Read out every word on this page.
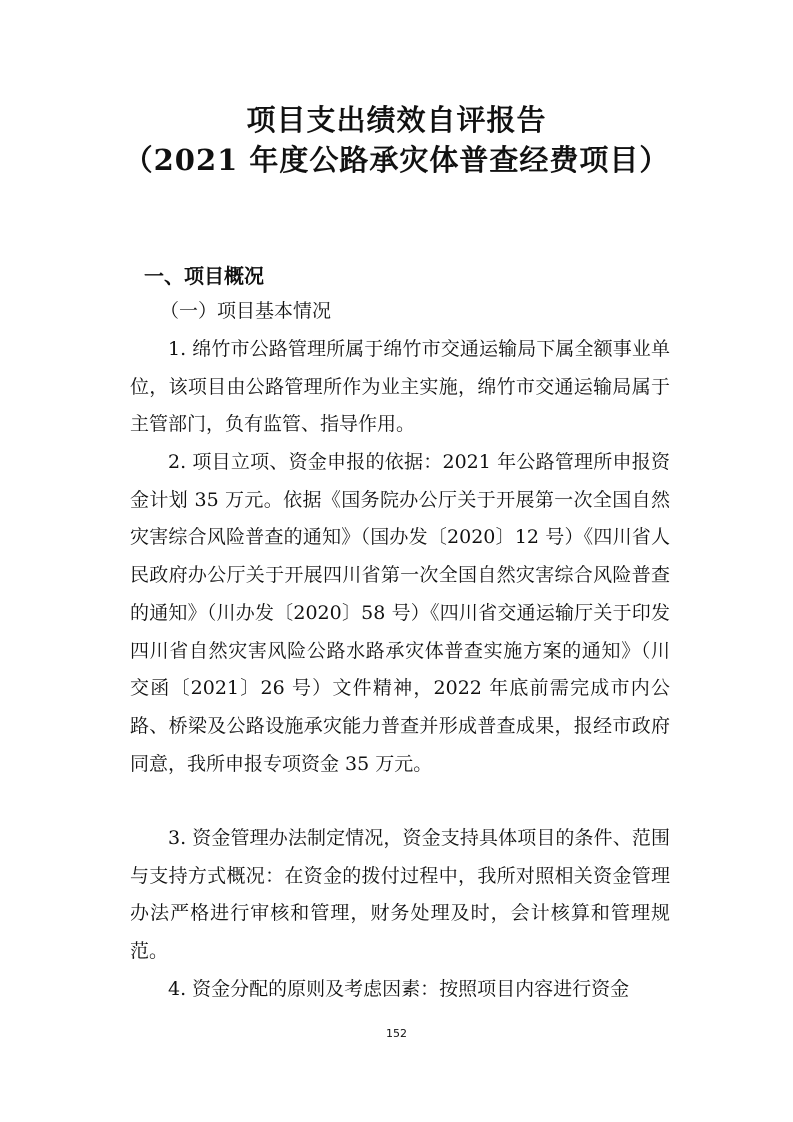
项目支出绩效自评报告
（2021 年度公路承灾体普查经费项目）
一、项目概况
（一）项目基本情况

1. 绵竹市公路管理所属于绵竹市交通运输局下属全额事业单位，该项目由公路管理所作为业主实施，绵竹市交通运输局属于主管部门，负有监管、指导作用。

2. 项目立项、资金申报的依据：2021 年公路管理所申报资金计划 35 万元。依据《国务院办公厅关于开展第一次全国自然灾害综合风险普查的通知》（国办发〔2020〕12 号）《四川省人民政府办公厅关于开展四川省第一次全国自然灾害综合风险普查的通知》（川办发〔2020〕58 号）《四川省交通运输厅关于印发四川省自然灾害风险公路水路承灾体普查实施方案的通知》（川交函〔2021〕26 号）文件精神，2022 年底前需完成市内公路、桥梁及公路设施承灾能力普查并形成普查成果，报经市政府同意，我所申报专项资金 35 万元。

3. 资金管理办法制定情况，资金支持具体项目的条件、范围与支持方式概况：在资金的拨付过程中，我所对照相关资金管理办法严格进行审核和管理，财务处理及时，会计核算和管理规范。

4. 资金分配的原则及考虑因素：按照项目内容进行资金

152
